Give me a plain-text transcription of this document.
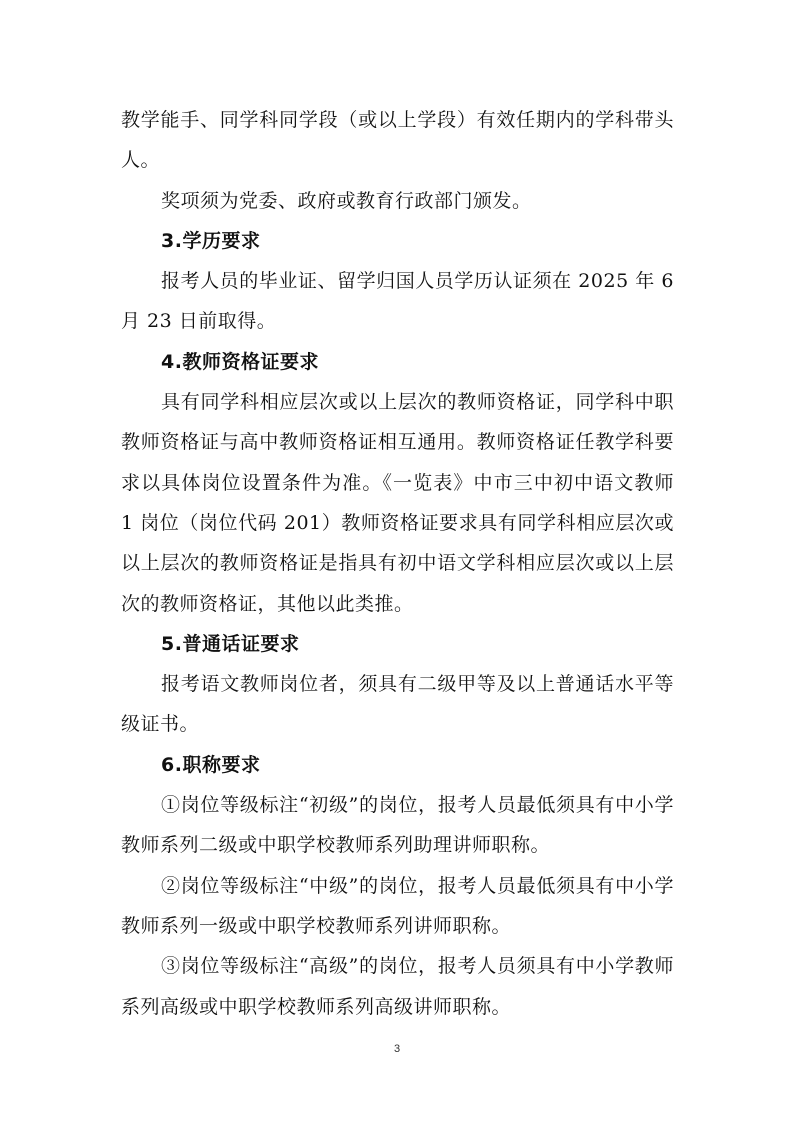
教学能手、同学科同学段（或以上学段）有效任期内的学科带头人。

奖项须为党委、政府或教育行政部门颁发。

3.学历要求

报考人员的毕业证、留学归国人员学历认证须在 2025 年 6 月 23 日前取得。

4.教师资格证要求

具有同学科相应层次或以上层次的教师资格证，同学科中职教师资格证与高中教师资格证相互通用。教师资格证任教学科要求以具体岗位设置条件为准。《一览表》中市三中初中语文教师 1 岗位（岗位代码 201）教师资格证要求具有同学科相应层次或以上层次的教师资格证是指具有初中语文学科相应层次或以上层次的教师资格证，其他以此类推。

5.普通话证要求

报考语文教师岗位者，须具有二级甲等及以上普通话水平等级证书。

6.职称要求

①岗位等级标注“初级”的岗位，报考人员最低须具有中小学教师系列二级或中职学校教师系列助理讲师职称。

②岗位等级标注“中级”的岗位，报考人员最低须具有中小学教师系列一级或中职学校教师系列讲师职称。

③岗位等级标注“高级”的岗位，报考人员须具有中小学教师系列高级或中职学校教师系列高级讲师职称。

3
